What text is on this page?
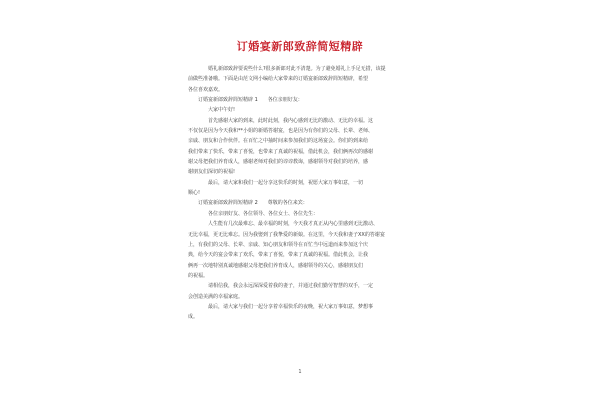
订婚宴新郎致辞简短精辟
婚礼新郎致辞要说些什么?很多新郎对此不清楚。为了避免婚礼上手足无措，该提
前做些准备哦。下面是由范文网小编给大家带来的订婚宴新郎致辞简短精辟，希望
各位喜欢嘉欢。
订婚宴新郎致辞简短精辟 1　　各位亲朋好友：
大家中午好!
首先感谢大家的到来，此时此刻，我内心感到无比的激动、无比的幸福。这
不仅仅是因为今天我和**小姐的新婚答谢宴，也是因为有你们的父母、长辈、老师、
亲戚、朋友和合作伙伴。在百忙之中抽时间来参加我们的这场宴会。你们的到来给
我们带来了快乐，带来了喜悦，也带来了真诚的祝福，借此机会，我们俩再次的感谢
谢父母把我们养育成人，感谢老师对我们的谆谆教诲，感谢领导对我们的培养，感
谢朋友们深切的祝福!
最后，请大家和我们一起分享这快乐的时刻，祝愿大家万事如意，一切
顺心!
订婚宴新郎致辞简短精辟 2　　尊敬的各位来宾：
各位亲朋好友、各位领导、各位女士、各位先生：
人生能有几次最难忘、最幸福的时刻，今天我才真正从内心里感到无比激动、
无比幸福，更无比难忘。因为我娶到了我挚爱的新娘。在这里，今天我和妻子XX的答谢宴
上，有我们的父母、长辈、亲戚、知心朋友和领导在百忙当中远道而来参加这个庆
典，给今天的宴会带来了欢乐，带来了喜悦，带来了真诚的祝福。借此机会，让我
俩再一次地特别真诚地感谢父母把我们养育成人，感谢领导的关心，感谢朋友们
的祝福。
请相信我，我会永远深深爱着我的妻子，并通过我们勤劳智慧的双手，一定
会创造美满的幸福家庭。
最后，请大家与我们一起分享着幸福快乐的夜晚，祝大家万事如意，梦想事
成。
1
